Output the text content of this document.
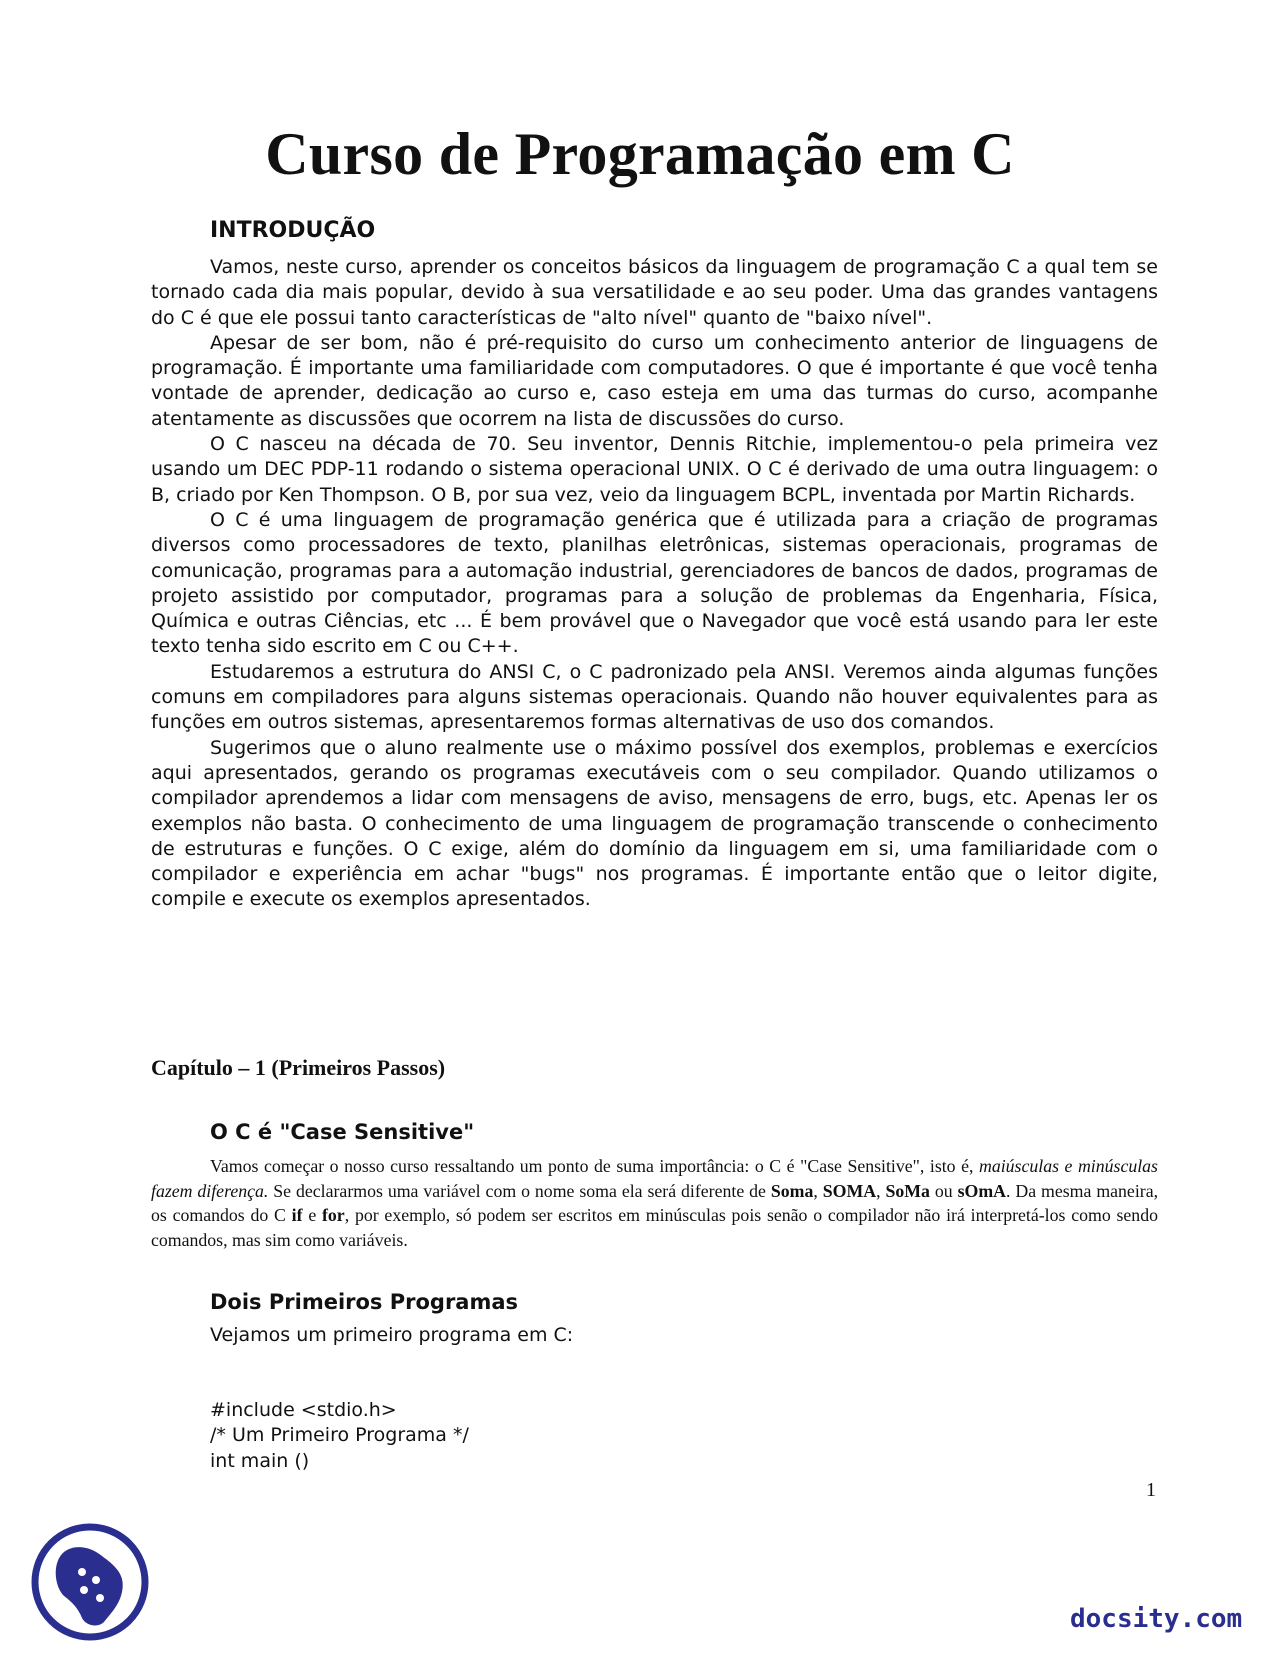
Curso de Programação em C
INTRODUÇÃO

Vamos, neste curso, aprender os conceitos básicos da linguagem de programação C a qual tem se tornado cada dia mais popular, devido à sua versatilidade e ao seu poder. Uma das grandes vantagens do C é que ele possui tanto características de "alto nível" quanto de "baixo nível".

Apesar de ser bom, não é pré-requisito do curso um conhecimento anterior de linguagens de programação. É importante uma familiaridade com computadores. O que é importante é que você tenha vontade de aprender, dedicação ao curso e, caso esteja em uma das turmas do curso, acompanhe atentamente as discussões que ocorrem na lista de discussões do curso.

O C nasceu na década de 70. Seu inventor, Dennis Ritchie, implementou-o pela primeira vez usando um DEC PDP-11 rodando o sistema operacional UNIX. O C é derivado de uma outra linguagem: o B, criado por Ken Thompson. O B, por sua vez, veio da linguagem BCPL, inventada por Martin Richards.

O C é uma linguagem de programação genérica que é utilizada para a criação de programas diversos como processadores de texto, planilhas eletrônicas, sistemas operacionais, programas de comunicação, programas para a automação industrial, gerenciadores de bancos de dados, programas de projeto assistido por computador, programas para a solução de problemas da Engenharia, Física, Química e outras Ciências, etc ... É bem provável que o Navegador que você está usando para ler este texto tenha sido escrito em C ou C++.

Estudaremos a estrutura do ANSI C, o C padronizado pela ANSI. Veremos ainda algumas funções comuns em compiladores para alguns sistemas operacionais. Quando não houver equivalentes para as funções em outros sistemas, apresentaremos formas alternativas de uso dos comandos.

Sugerimos que o aluno realmente use o máximo possível dos exemplos, problemas e exercícios aqui apresentados, gerando os programas executáveis com o seu compilador. Quando utilizamos o compilador aprendemos a lidar com mensagens de aviso, mensagens de erro, bugs, etc. Apenas ler os exemplos não basta. O conhecimento de uma linguagem de programação transcende o conhecimento de estruturas e funções. O C exige, além do domínio da linguagem em si, uma familiaridade com o compilador e experiência em achar "bugs" nos programas. É importante então que o leitor digite, compile e execute os exemplos apresentados.

Capítulo – 1 (Primeiros Passos)
O C é "Case Sensitive"

Vamos começar o nosso curso ressaltando um ponto de suma importância: o C é "Case Sensitive", isto é, maiúsculas e minúsculas fazem diferença. Se declararmos uma variável com o nome soma ela será diferente de Soma, SOMA, SoMa ou sOmA. Da mesma maneira, os comandos do C if e for, por exemplo, só podem ser escritos em minúsculas pois senão o compilador não irá interpretá-los como sendo comandos, mas sim como variáveis.

Dois Primeiros Programas

Vejamos um primeiro programa em C:

#include <stdio.h>
/* Um Primeiro Programa */
int main ()
1
docsity.com
